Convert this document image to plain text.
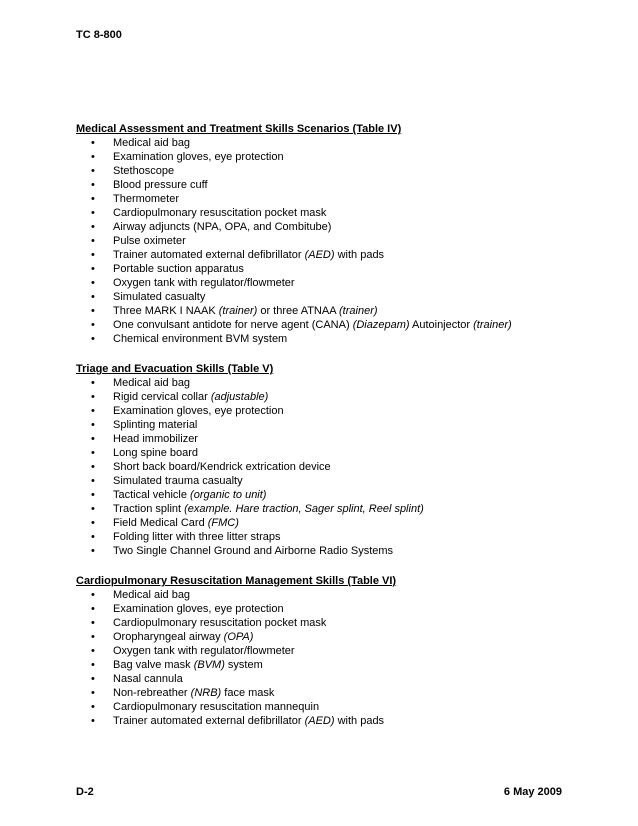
TC 8-800
Medical Assessment and Treatment Skills Scenarios (Table IV)
• Medical aid bag
• Examination gloves, eye protection
• Stethoscope
• Blood pressure cuff
• Thermometer
• Cardiopulmonary resuscitation pocket mask
• Airway adjuncts (NPA, OPA, and Combitube)
• Pulse oximeter
• Trainer automated external defibrillator (AED) with pads
• Portable suction apparatus
• Oxygen tank with regulator/flowmeter
• Simulated casualty
• Three MARK I NAAK (trainer) or three ATNAA (trainer)
• One convulsant antidote for nerve agent (CANA) (Diazepam) Autoinjector (trainer)
• Chemical environment BVM system
Triage and Evacuation Skills (Table V)
• Medical aid bag
• Rigid cervical collar (adjustable)
• Examination gloves, eye protection
• Splinting material
• Head immobilizer
• Long spine board
• Short back board/Kendrick extrication device
• Simulated trauma casualty
• Tactical vehicle (organic to unit)
• Traction splint (example. Hare traction, Sager splint, Reel splint)
• Field Medical Card (FMC)
• Folding litter with three litter straps
• Two Single Channel Ground and Airborne Radio Systems
Cardiopulmonary Resuscitation Management Skills (Table VI)
• Medical aid bag
• Examination gloves, eye protection
• Cardiopulmonary resuscitation pocket mask
• Oropharyngeal airway (OPA)
• Oxygen tank with regulator/flowmeter
• Bag valve mask (BVM) system
• Nasal cannula
• Non-rebreather (NRB) face mask
• Cardiopulmonary resuscitation mannequin
• Trainer automated external defibrillator (AED) with pads
D-2	6 May 2009
